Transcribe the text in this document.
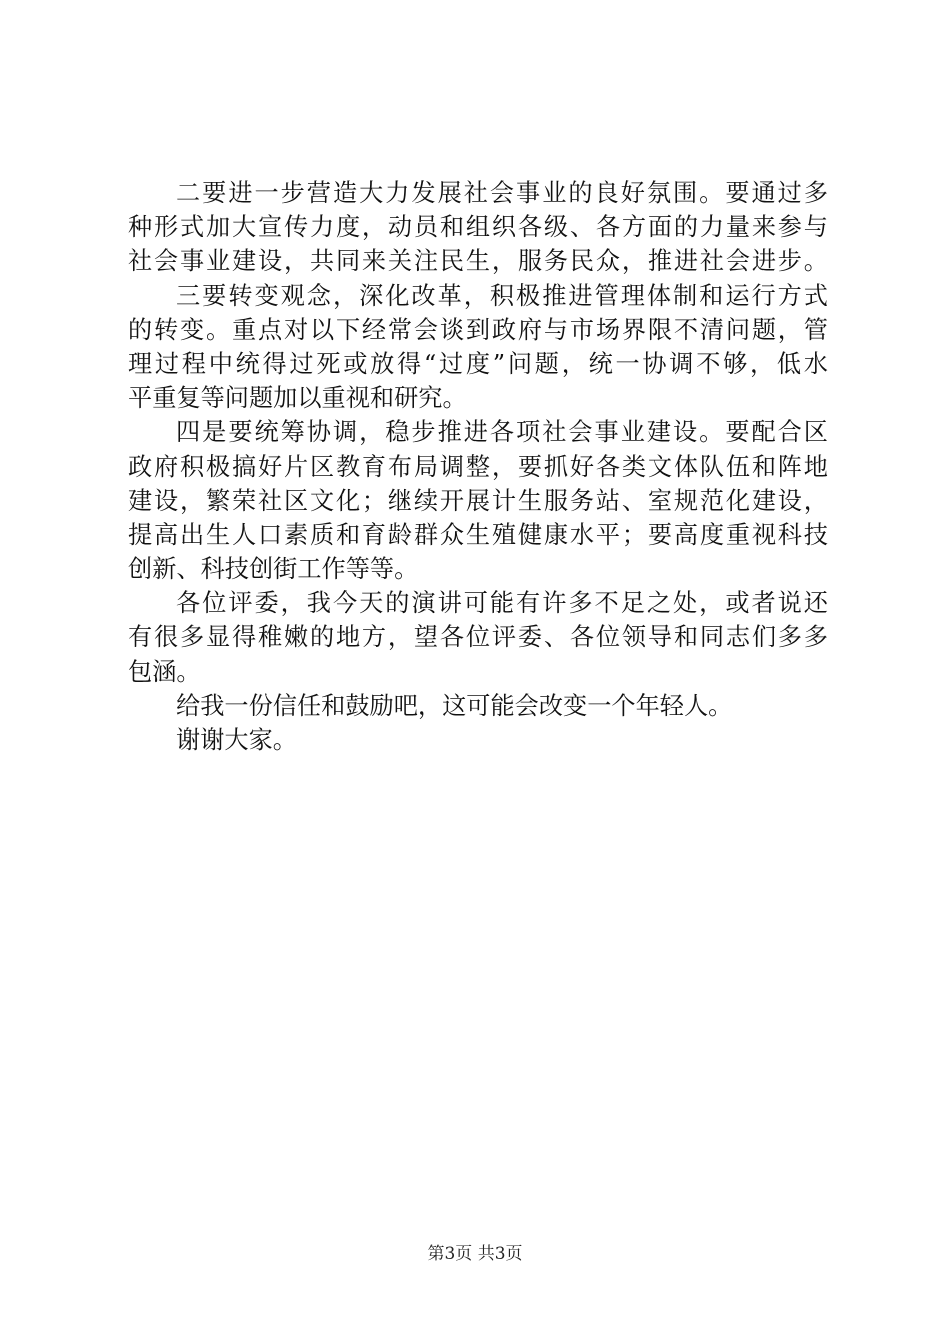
二要进一步营造大力发展社会事业的良好氛围。要通过多
种形式加大宣传力度，动员和组织各级、各方面的力量来参与
社会事业建设，共同来关注民生，服务民众，推进社会进步。
三要转变观念，深化改革，积极推进管理体制和运行方式
的转变。重点对以下经常会谈到政府与市场界限不清问题，管
理过程中统得过死或放得“过度”问题，统一协调不够，低水
平重复等问题加以重视和研究。
四是要统筹协调，稳步推进各项社会事业建设。要配合区
政府积极搞好片区教育布局调整，要抓好各类文体队伍和阵地
建设，繁荣社区文化；继续开展计生服务站、室规范化建设，
提高出生人口素质和育龄群众生殖健康水平；要高度重视科技
创新、科技创街工作等等。
各位评委，我今天的演讲可能有许多不足之处，或者说还
有很多显得稚嫩的地方，望各位评委、各位领导和同志们多多
包涵。
给我一份信任和鼓励吧，这可能会改变一个年轻人。
谢谢大家。
第3页 共3页
